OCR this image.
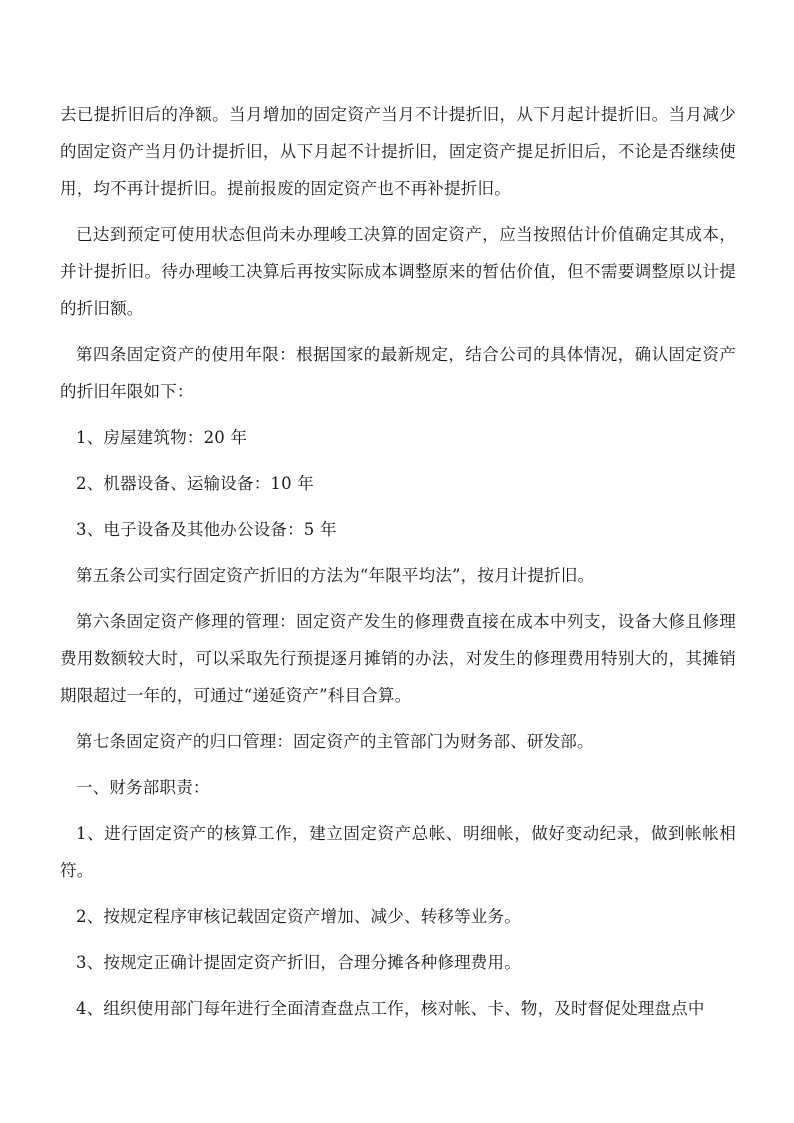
去已提折旧后的净额。当月增加的固定资产当月不计提折旧，从下月起计提折旧。当月减少的固定资产当月仍计提折旧，从下月起不计提折旧，固定资产提足折旧后，不论是否继续使用，均不再计提折旧。提前报废的固定资产也不再补提折旧。

已达到预定可使用状态但尚未办理峻工决算的固定资产，应当按照估计价值确定其成本，并计提折旧。待办理峻工决算后再按实际成本调整原来的暂估价值，但不需要调整原以计提的折旧额。

第四条固定资产的使用年限：根据国家的最新规定，结合公司的具体情况，确认固定资产的折旧年限如下：

1、房屋建筑物：20 年

2、机器设备、运输设备：10 年

3、电子设备及其他办公设备：5 年

第五条公司实行固定资产折旧的方法为“年限平均法”，按月计提折旧。

第六条固定资产修理的管理：固定资产发生的修理费直接在成本中列支，设备大修且修理费用数额较大时，可以采取先行预提逐月摊销的办法，对发生的修理费用特别大的，其摊销期限超过一年的，可通过“递延资产”科目合算。

第七条固定资产的归口管理：固定资产的主管部门为财务部、研发部。

一、财务部职责：

1、进行固定资产的核算工作，建立固定资产总帐、明细帐，做好变动纪录，做到帐帐相符。

2、按规定程序审核记载固定资产增加、减少、转移等业务。

3、按规定正确计提固定资产折旧，合理分摊各种修理费用。

4、组织使用部门每年进行全面清查盘点工作，核对帐、卡、物，及时督促处理盘点中
